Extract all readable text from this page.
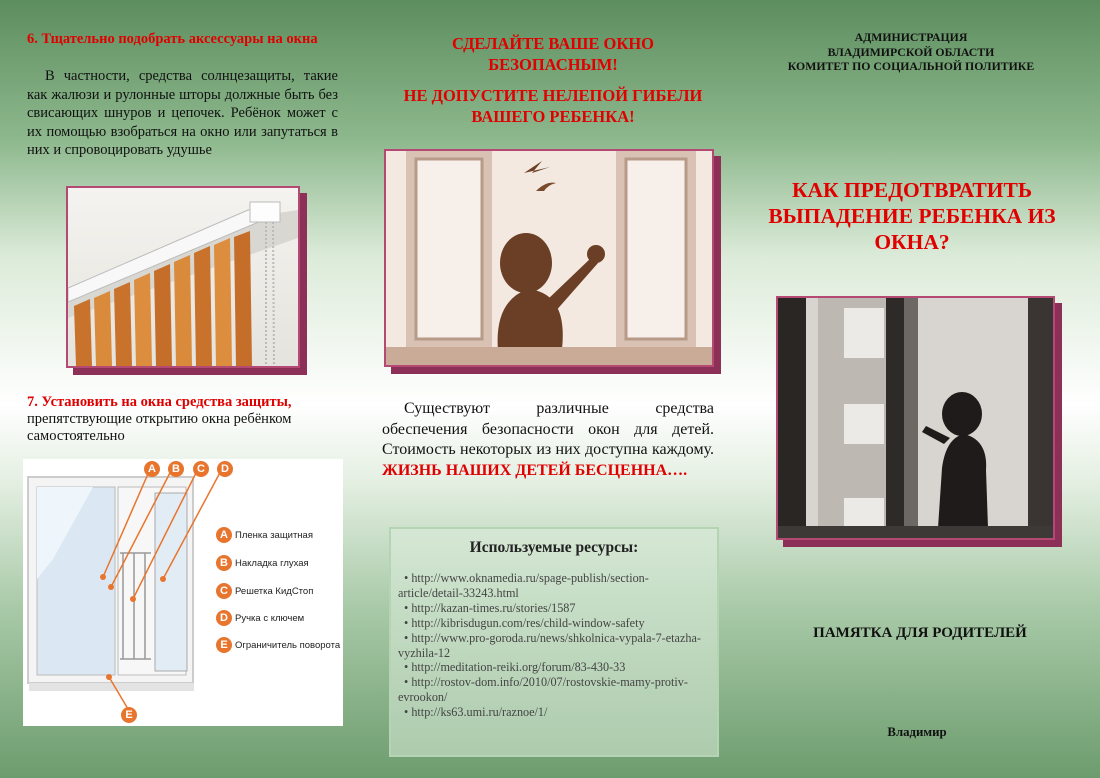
6. Тщательно подобрать аксессуары на окна
В частности, средства солнцезащиты, такие как жалюзи и рулонные шторы должные быть без свисающих шнуров и цепочек. Ребёнок может с их помощью взобраться на окно или запутаться в них и спровоцировать удушье
7. Установить на окна средства защиты, препятствующие открытию окна ребёнком самостоятельно
A	B	C	D
E
A Пленка защитная
B Накладка глухая
C Решетка КидСтоп
D Ручка с ключем
E Ограничитель поворота
СДЕЛАЙТЕ ВАШЕ ОКНО БЕЗОПАСНЫМ!
НЕ ДОПУСТИТЕ НЕЛЕПОЙ ГИБЕЛИ ВАШЕГО РЕБЕНКА!
Существуют различные средства обеспечения безопасности окон для детей. Стоимость некоторых из них доступна каждому. ЖИЗНЬ НАШИХ ДЕТЕЙ БЕСЦЕННА….
Используемые ресурсы:
• http://www.oknamedia.ru/spage-publish/section-article/detail-33243.html
• http://kazan-times.ru/stories/1587
• http://kibrisdugun.com/res/child-window-safety
• http://www.pro-goroda.ru/news/shkolnica-vypala-7-etazha-vyzhila-12
• http://meditation-reiki.org/forum/83-430-33
• http://rostov-dom.info/2010/07/rostovskie-mamy-protiv-evrookon/
• http://ks63.umi.ru/raznoe/1/
АДМИНИСТРАЦИЯ
ВЛАДИМИРСКОЙ ОБЛАСТИ
КОМИТЕТ ПО СОЦИАЛЬНОЙ ПОЛИТИКЕ
КАК ПРЕДОТВРАТИТЬ ВЫПАДЕНИЕ РЕБЕНКА ИЗ ОКНА?
ПАМЯТКА ДЛЯ РОДИТЕЛЕЙ
Владимир
